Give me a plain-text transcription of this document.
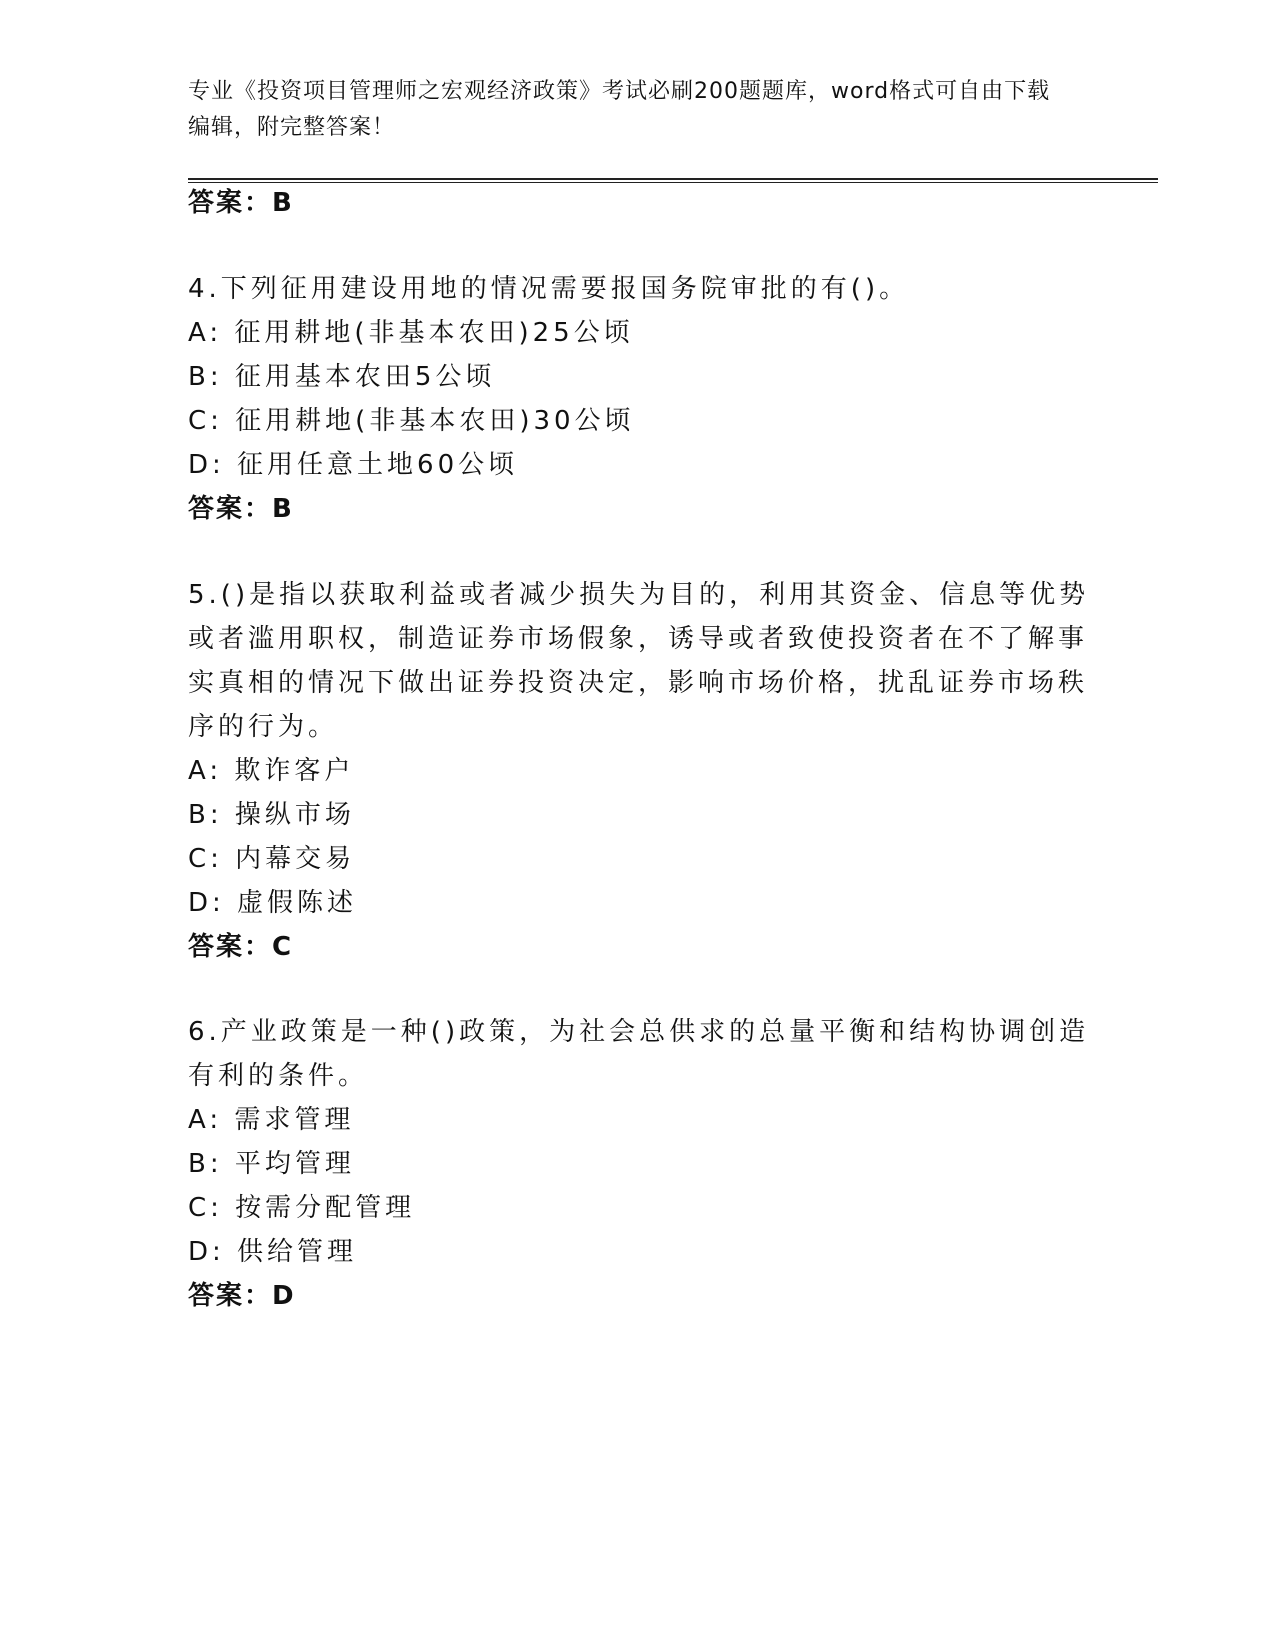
专业《投资项目管理师之宏观经济政策》考试必刷200题题库，word格式可自由下载编辑，附完整答案！
答案：B
4.下列征用建设用地的情况需要报国务院审批的有()。
A: 征用耕地(非基本农田)25公顷
B: 征用基本农田5公顷
C: 征用耕地(非基本农田)30公顷
D: 征用任意土地60公顷
答案：B
5.()是指以获取利益或者减少损失为目的，利用其资金、信息等优势
或者滥用职权，制造证券市场假象，诱导或者致使投资者在不了解事
实真相的情况下做出证券投资决定，影响市场价格，扰乱证券市场秩
序的行为。
A: 欺诈客户
B: 操纵市场
C: 内幕交易
D: 虚假陈述
答案：C
6.产业政策是一种()政策，为社会总供求的总量平衡和结构协调创造
有利的条件。
A: 需求管理
B: 平均管理
C: 按需分配管理
D: 供给管理
答案：D
